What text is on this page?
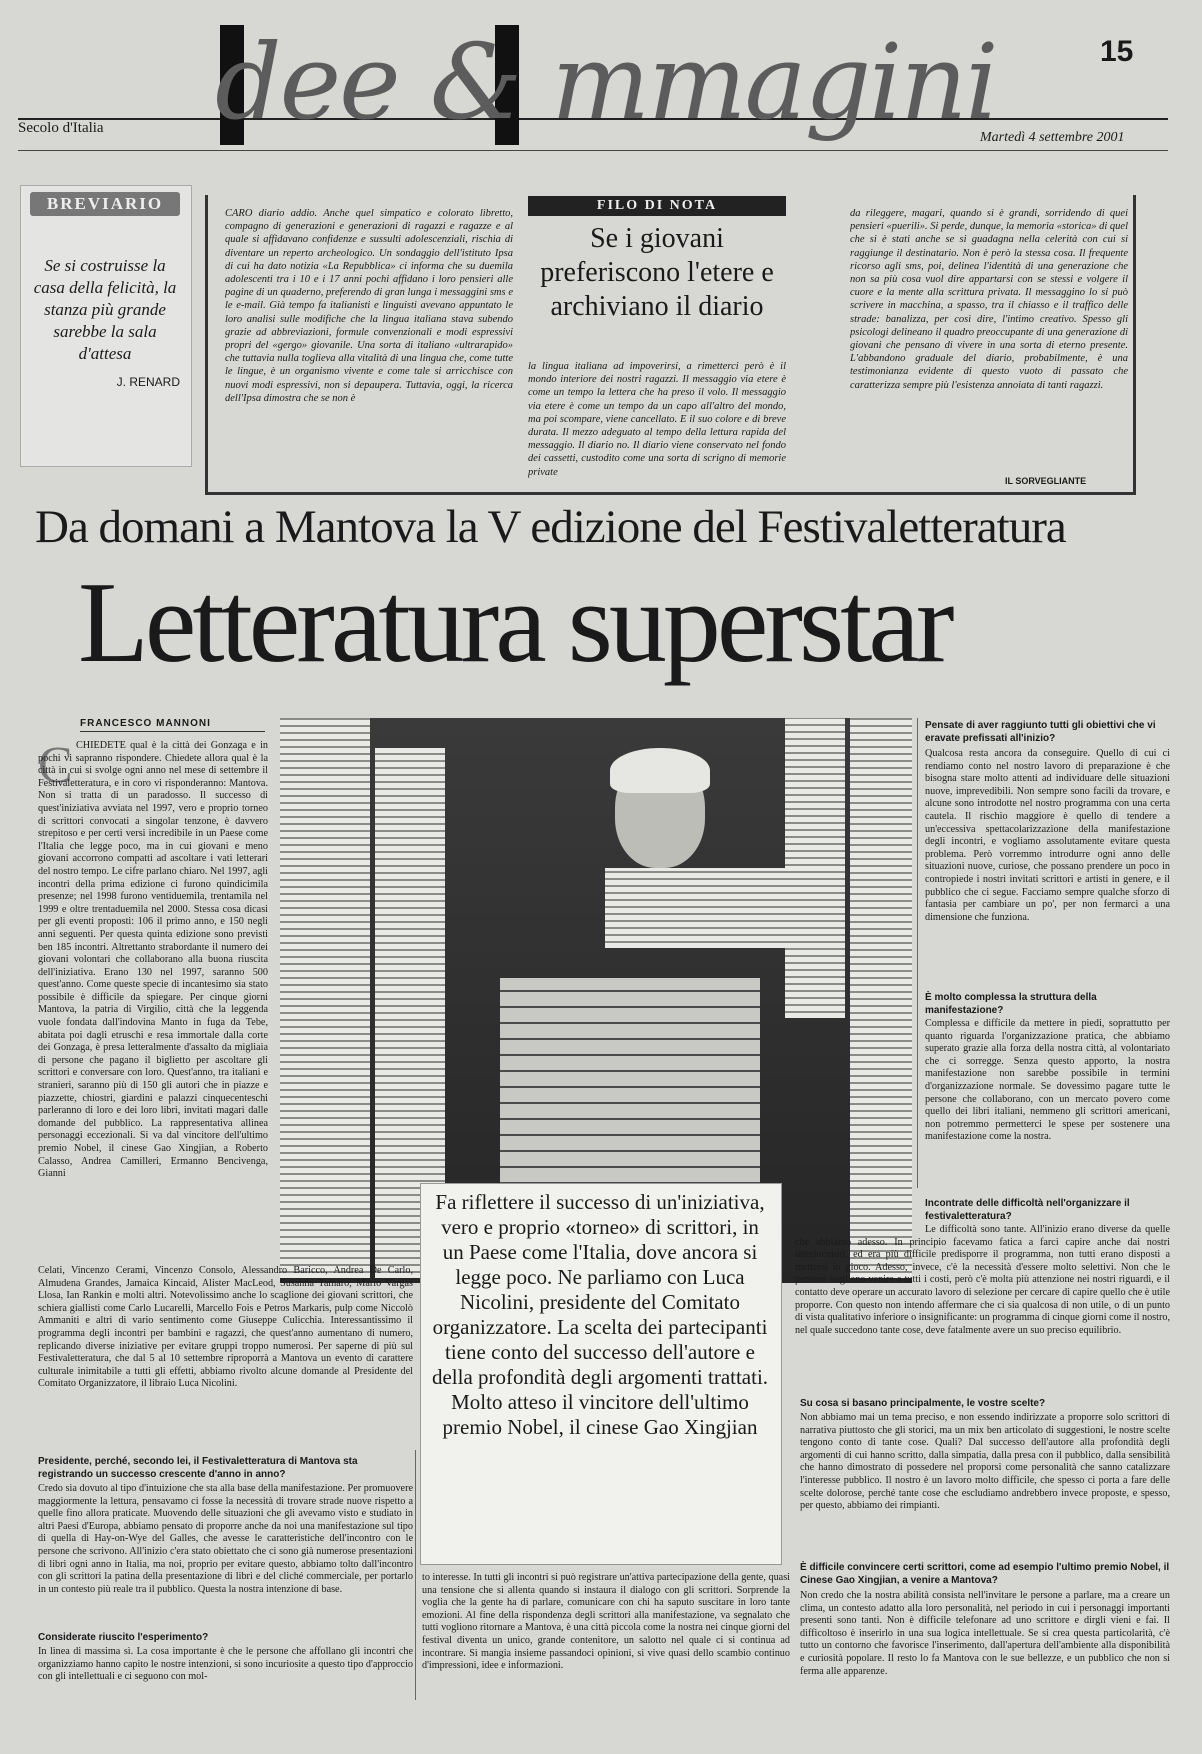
Secolo d'Italia dee & mmagini	15
Martedì 4 settembre 2001
BREVIARIO
Se si costruisse la casa della felicità, la stanza più grande sarebbe la sala d'attesa
J. RENARD
CARO diario addio. Anche quel simpatico e colorato libretto, compagno di generazioni e generazioni di ragazzi e ragazze e al quale si affidavano confidenze e sussulti adolescenziali, rischia di diventare un reperto archeologico. Un sondaggio dell'istituto Ipsa di cui ha dato notizia «La Repubblica» ci informa che su duemila adolescenti tra i 10 e i 17 anni pochi affidano i loro pensieri alle pagine di un quaderno, preferendo di gran lunga i messaggini sms e le e-mail. Già tempo fa italianisti e linguisti avevano appuntato le loro analisi sulle modifiche che la lingua italiana stava subendo grazie ad abbreviazioni, formule convenzionali e modi espressivi propri del «gergo» giovanile. Una sorta di italiano «ultrarapido» che tuttavia nulla toglieva alla vitalità di una lingua che, come tutte le lingue, è un organismo vivente e come tale si arricchisce con nuovi modi espressivi, non si depaupera. Tuttavia, oggi, la ricerca dell'Ipsa dimostra che se non è
FILO DI NOTA
Se i giovani preferiscono l'etere e archiviano il diario
la lingua italiana ad impoverirsi, a rimetterci però è il mondo interiore dei nostri ragazzi. Il messaggio via etere è come un tempo la lettera che ha preso il volo. Il messaggio via etere è come un tempo da un capo all'altro del mondo, ma poi scompare, viene cancellato. E il suo colore e di breve durata. Il mezzo adeguato al tempo della lettura rapida del messaggio. Il diario no. Il diario viene conservato nel fondo dei cassetti, custodito come una sorta di scrigno di memorie private
da rileggere, magari, quando si è grandi, sorridendo di quei pensieri «puerili». Si perde, dunque, la memoria «storica» di quel che si è stati anche se si guadagna nella celerità con cui si raggiunge il destinatario. Non è però la stessa cosa. Il frequente ricorso agli sms, poi, delinea l'identità di una generazione che non sa più cosa vuol dire appartarsi con se stessi e volgere il cuore e la mente alla scrittura privata. Il messaggino lo si può scrivere in macchina, a spasso, tra il chiasso e il traffico delle strade: banalizza, per così dire, l'intimo creativo. Spesso gli psicologi delineano il quadro preoccupante di una generazione di giovani che pensano di vivere in una sorta di eterno presente. L'abbandono graduale del diario, probabilmente, è una testimonianza evidente di questo vuoto di passato che caratterizza sempre più l'esistenza annoiata di tanti ragazzi.
IL SORVEGLIANTE
Da domani a Mantova la V edizione del Festivaletteratura
Letteratura superstar
FRANCESCO MANNONI
C CHIEDETE qual è la città dei Gonzaga e in pochi vi sapranno rispondere. Chiedete allora qual è la città in cui si svolge ogni anno nel mese di settembre il Festivaletteratura, e in coro vi risponderanno: Mantova. Non si tratta di un paradosso. Il successo di quest'iniziativa avviata nel 1997, vero e proprio torneo di scrittori convocati a singolar tenzone, è davvero strepitoso e per certi versi incredibile in un Paese come l'Italia che legge poco, ma in cui giovani e meno giovani accorrono compatti ad ascoltare i vati letterari del nostro tempo. Le cifre parlano chiaro. Nel 1997, agli incontri della prima edizione ci furono quindicimila presenze; nel 1998 furono ventiduemila, trentamila nel 1999 e oltre trentaduemila nel 2000. Stessa cosa dicasi per gli eventi proposti: 106 il primo anno, e 150 negli anni seguenti. Per questa quinta edizione sono previsti ben 185 incontri. Altrettanto strabordante il numero dei giovani volontari che collaborano alla buona riuscita dell'iniziativa. Erano 130 nel 1997, saranno 500 quest'anno. Come queste specie di incantesimo sia stato possibile è difficile da spiegare. Per cinque giorni Mantova, la patria di Virgilio, città che la leggenda vuole fondata dall'indovina Manto in fuga da Tebe, abitata poi dagli etruschi e resa immortale dalla corte dei Gonzaga, è presa letteralmente d'assalto da migliaia di persone che pagano il biglietto per ascoltare gli scrittori e conversare con loro. Quest'anno, tra italiani e stranieri, saranno più di 150 gli autori che in piazze e piazzette, chiostri, giardini e palazzi cinquecenteschi parleranno di loro e dei loro libri, invitati magari dalle domande del pubblico. La rappresentativa allinea personaggi eccezionali. Si va dal vincitore dell'ultimo premio Nobel, il cinese Gao Xingjian, a Roberto Calasso, Andrea Camilleri, Ermanno Bencivenga, Gianni
Celati, Vincenzo Cerami, Vincenzo Consolo, Alessandro Baricco, Andrea De Carlo, Almudena Grandes, Jamaica Kincaid, Alister MacLeod, Susanna Tamaro, Mario Vargas Llosa, Ian Rankin e molti altri. Notevolissimo anche lo scaglione dei giovani scrittori, che schiera giallisti come Carlo Lucarelli, Marcello Fois e Petros Markaris, pulp come Niccolò Ammaniti e altri di vario sentimento come Giuseppe Culicchia. Interessantissimo il programma degli incontri per bambini e ragazzi, che quest'anno aumentano di numero, replicando diverse iniziative per evitare gruppi troppo numerosi. Per saperne di più sul Festivaletteratura, che dal 5 al 10 settembre riproporrà a Mantova un evento di carattere culturale inimitabile a tutti gli effetti, abbiamo rivolto alcune domande al Presidente del Comitato Organizzatore, il libraio Luca Nicolini.
Presidente, perché, secondo lei, il Festivaletteratura di Mantova sta registrando un successo crescente d'anno in anno?
Credo sia dovuto al tipo d'intuizione che sta alla base della manifestazione. Per promuovere maggiormente la lettura, pensavamo ci fosse la necessità di trovare strade nuove rispetto a quelle fino allora praticate. Muovendo delle situazioni che gli avevamo visto e studiato in altri Paesi d'Europa, abbiamo pensato di proporre anche da noi una manifestazione sul tipo di quella di Hay-on-Wye del Galles, che avesse le caratteristiche dell'incontro con le persone che scrivono. All'inizio c'era stato obiettato che ci sono già numerose presentazioni di libri ogni anno in Italia, ma noi, proprio per evitare questo, abbiamo tolto dall'incontro con gli scrittori la patina della presentazione di libri e del cliché commerciale, per portarlo in un contesto più reale tra il pubblico. Questa la nostra intenzione di base.
Considerate riuscito l'esperimento?
In linea di massima sì. La cosa importante è che le persone che affollano gli incontri che organizziamo hanno capito le nostre intenzioni, si sono incuriosite a questo tipo d'approccio con gli intellettuali e ci seguono con mol-
Fa riflettere il successo di un'iniziativa, vero e proprio «torneo» di scrittori, in un Paese come l'Italia, dove ancora si legge poco. Ne parliamo con Luca Nicolini, presidente del Comitato organizzatore. La scelta dei partecipanti tiene conto del successo dell'autore e della profondità degli argomenti trattati. Molto atteso il vincitore dell'ultimo premio Nobel, il cinese Gao Xingjian
to interesse. In tutti gli incontri si può registrare un'attiva partecipazione della gente, quasi una tensione che si allenta quando si instaura il dialogo con gli scrittori. Sorprende la voglia che la gente ha di parlare, comunicare con chi ha saputo suscitare in loro tante emozioni. Al fine della rispondenza degli scrittori alla manifestazione, va segnalato che tutti vogliono ritornare a Mantova, è una città piccola come la nostra nei cinque giorni del festival diventa un unico, grande contenitore, un salotto nel quale ci si continua ad incontrare. Si mangia insieme passandoci opinioni, si vive quasi dello scambio continuo d'impressioni, idee e informazioni.
Pensate di aver raggiunto tutti gli obiettivi che vi eravate prefissati all'inizio?
Qualcosa resta ancora da conseguire. Quello di cui ci rendiamo conto nel nostro lavoro di preparazione è che bisogna stare molto attenti ad individuare delle situazioni nuove, imprevedibili. Non sempre sono facili da trovare, e alcune sono introdotte nel nostro programma con una certa cautela. Il rischio maggiore è quello di tendere a un'eccessiva spettacolarizzazione della manifestazione degli incontri, e vogliamo assolutamente evitare questa problema. Però vorremmo introdurre ogni anno delle situazioni nuove, curiose, che possano prendere un poco in contropiede i nostri invitati scrittori e artisti in genere, e il pubblico che ci segue. Facciamo sempre qualche sforzo di fantasia per cambiare un po', per non fermarci a una dimensione che funziona.
È molto complessa la struttura della manifestazione?
Complessa e difficile da mettere in piedi, soprattutto per quanto riguarda l'organizzazione pratica, che abbiamo superato grazie alla forza della nostra città, al volontariato che ci sorregge. Senza questo apporto, la nostra manifestazione non sarebbe possibile in termini d'organizzazione normale. Se dovessimo pagare tutte le persone che collaborano, con un mercato povero come quello dei libri italiani, nemmeno gli scrittori americani, non potremmo permetterci le spese per sostenere una manifestazione come la nostra.
Incontrate delle difficoltà nell'organizzare il festivaletteratura?
Le difficoltà sono tante. All'inizio erano diverse da quelle che abbiamo adesso. In principio facevamo fatica a farci capire anche dai nostri interlocutori, ed era più difficile predisporre il programma, non tutti erano disposti a mettersi in gioco. Adesso, invece, c'è la necessità d'essere molto selettivi. Non che le persone vogliano venire a tutti i costi, però c'è molta più attenzione nei nostri riguardi, e il contatto deve operare un accurato lavoro di selezione per cercare di capire quello che è utile proporre. Con questo non intendo affermare che ci sia qualcosa di non utile, o di un punto di vista qualitativo inferiore o insignificante: un programma di cinque giorni come il nostro, nel quale succedono tante cose, deve fatalmente avere un suo preciso equilibrio.
Su cosa si basano principalmente, le vostre scelte?
Non abbiamo mai un tema preciso, e non essendo indirizzate a proporre solo scrittori di narrativa piuttosto che gli storici, ma un mix ben articolato di suggestioni, le nostre scelte tengono conto di tante cose. Quali? Dal successo dell'autore alla profondità degli argomenti di cui hanno scritto, dalla simpatia, dalla presa con il pubblico, dalla sensibilità che hanno dimostrato di possedere nel proporsi come personalità che sanno catalizzare l'interesse pubblico. Il nostro è un lavoro molto difficile, che spesso ci porta a fare delle scelte dolorose, perché tante cose che escludiamo andrebbero invece proposte, e spesso, per questo, abbiamo dei rimpianti.
È difficile convincere certi scrittori, come ad esempio l'ultimo premio Nobel, il Cinese Gao Xingjian, a venire a Mantova?
Non credo che la nostra abilità consista nell'invitare le persone a parlare, ma a creare un clima, un contesto adatto alla loro personalità, nel periodo in cui i personaggi importanti presenti sono tanti. Non è difficile telefonare ad uno scrittore e dirgli vieni e fai. Il difficoltoso è inserirlo in una sua logica intellettuale. Se si crea questa particolarità, c'è tutto un contorno che favorisce l'inserimento, dall'apertura dell'ambiente alla disponibilità e curiosità popolare. Il resto lo fa Mantova con le sue bellezze, e un pubblico che non si ferma alle apparenze.
